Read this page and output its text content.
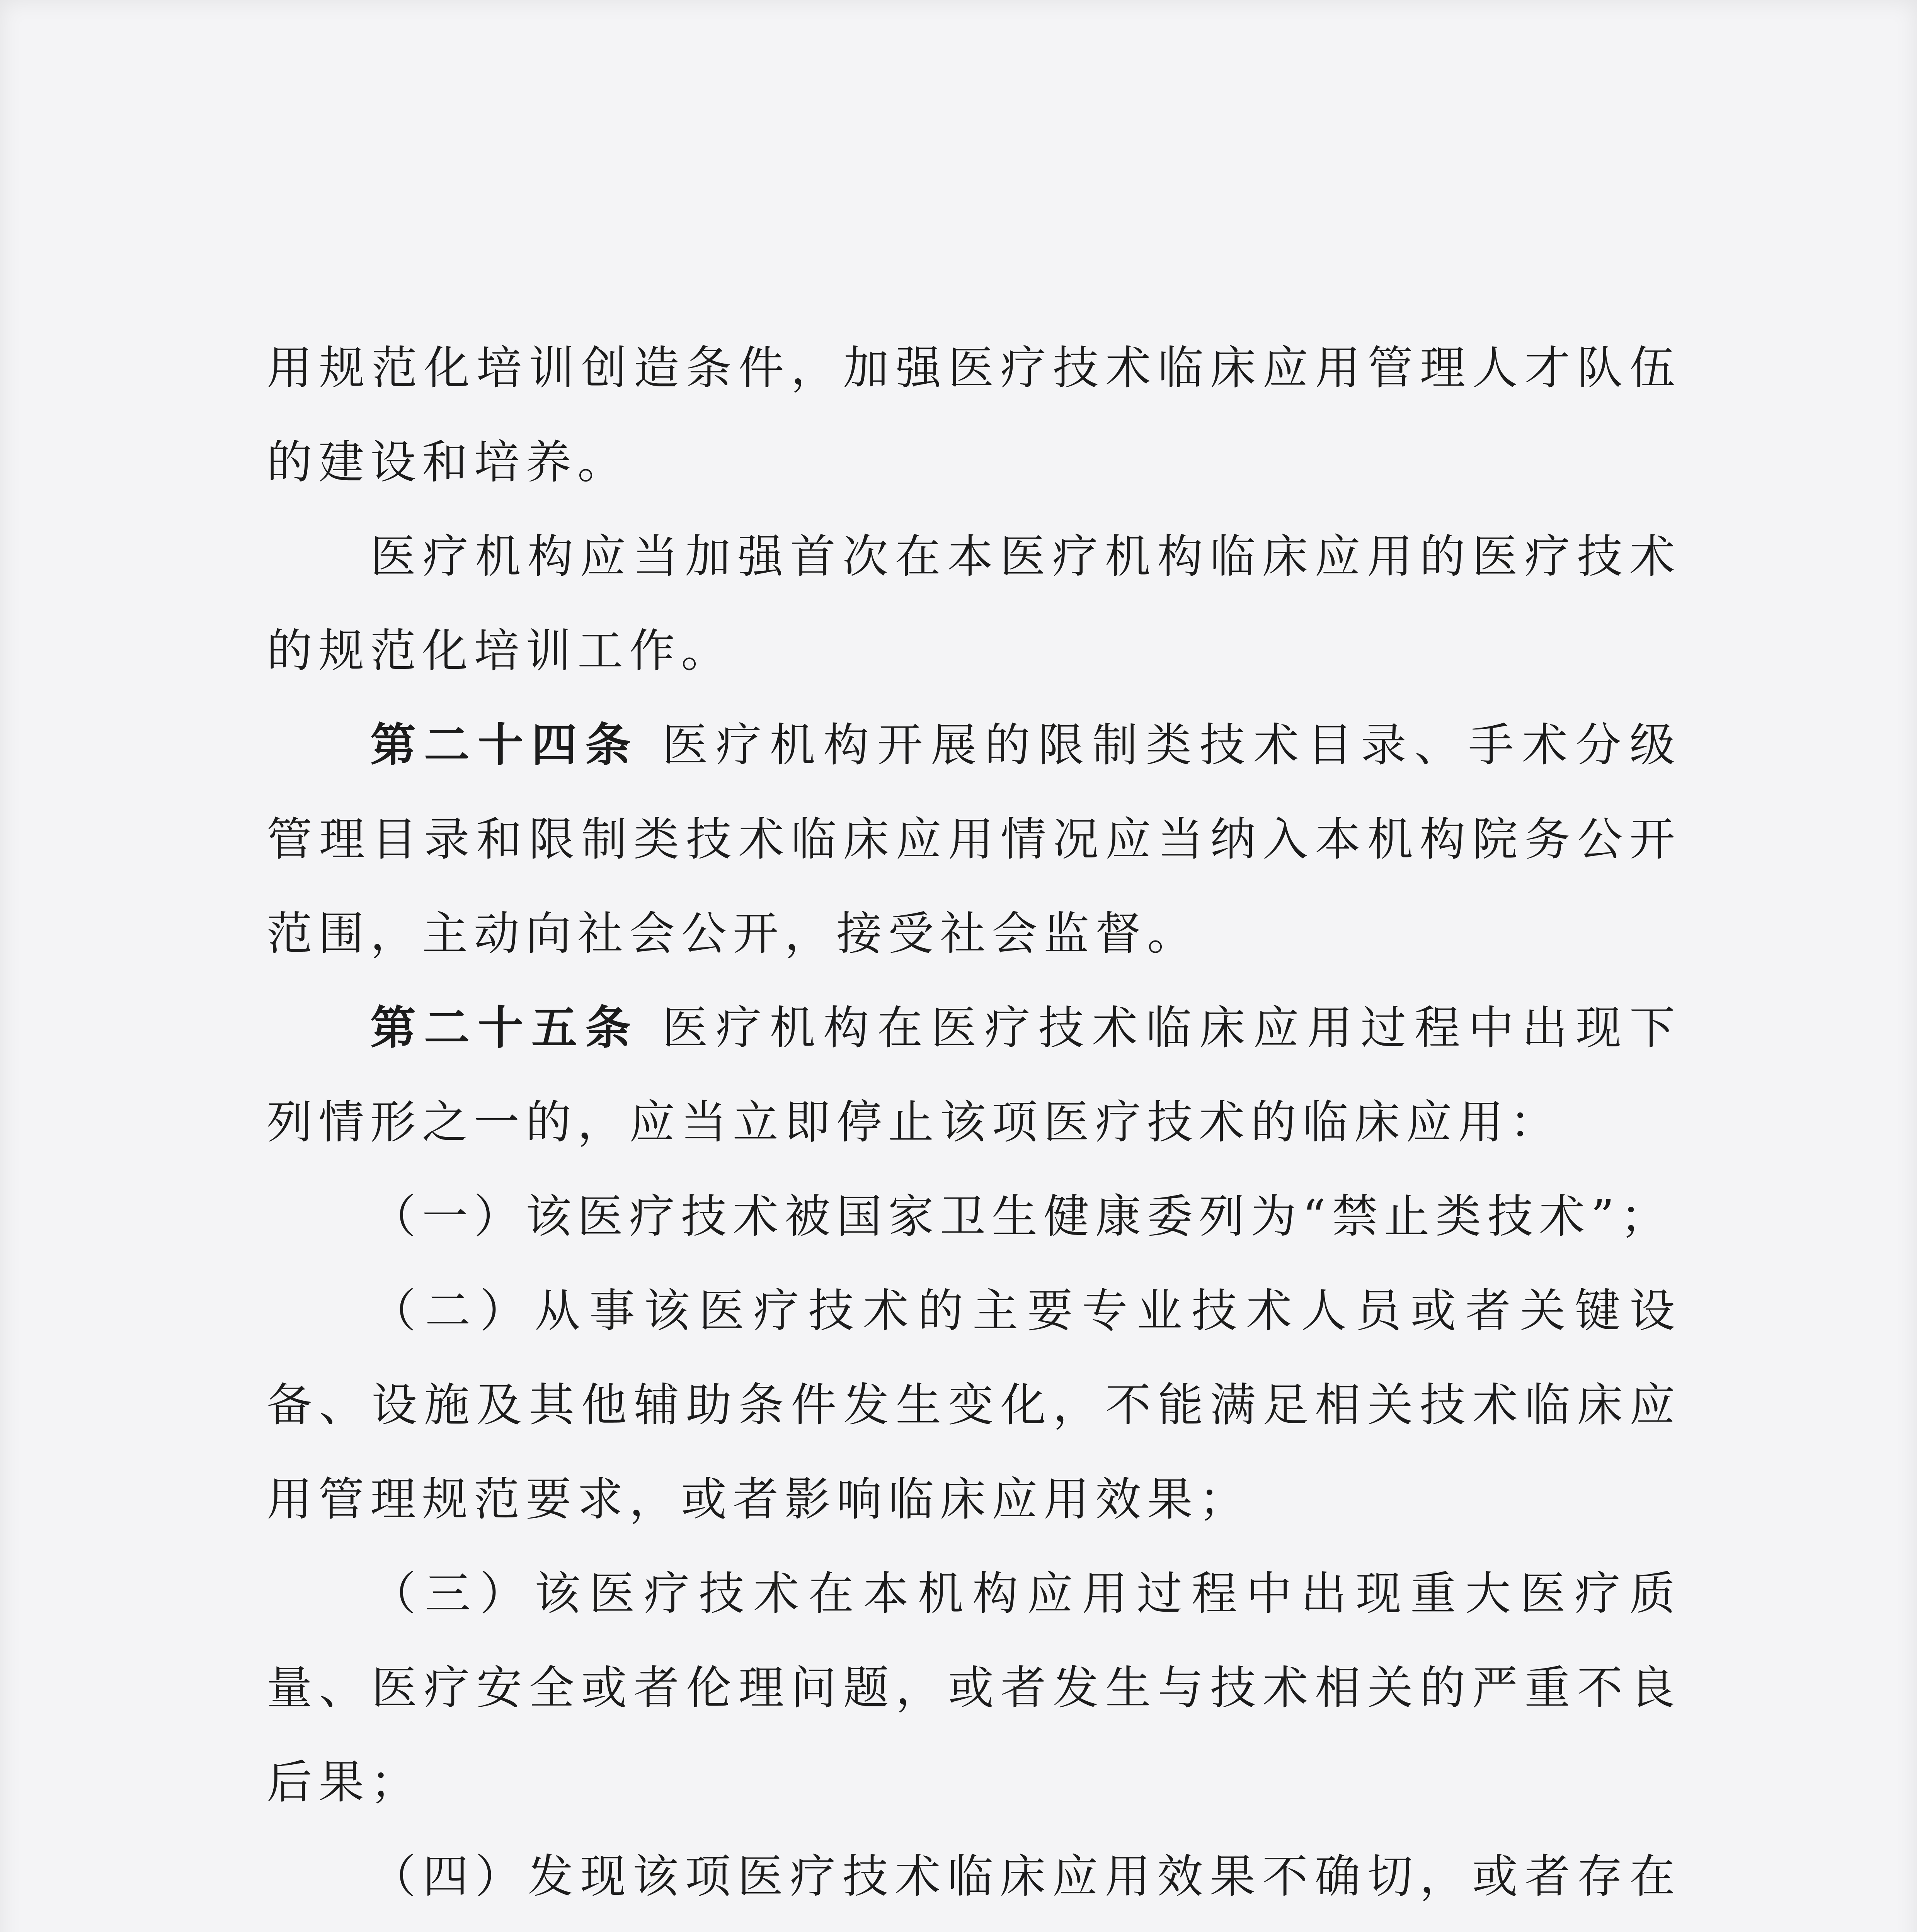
用规范化培训创造条件，加强医疗技术临床应用管理人才队伍的建设和培养。

医疗机构应当加强首次在本医疗机构临床应用的医疗技术的规范化培训工作。

第二十四条 医疗机构开展的限制类技术目录、手术分级管理目录和限制类技术临床应用情况应当纳入本机构院务公开范围，主动向社会公开，接受社会监督。

第二十五条 医疗机构在医疗技术临床应用过程中出现下列情形之一的，应当立即停止该项医疗技术的临床应用：

（一）该医疗技术被国家卫生健康委列为“禁止类技术”；

（二）从事该医疗技术的主要专业技术人员或者关键设备、设施及其他辅助条件发生变化，不能满足相关技术临床应用管理规范要求，或者影响临床应用效果；

（三）该医疗技术在本机构应用过程中出现重大医疗质量、医疗安全或者伦理问题，或者发生与技术相关的严重不良后果；

（四）发现该项医疗技术临床应用效果不确切，或者存在
